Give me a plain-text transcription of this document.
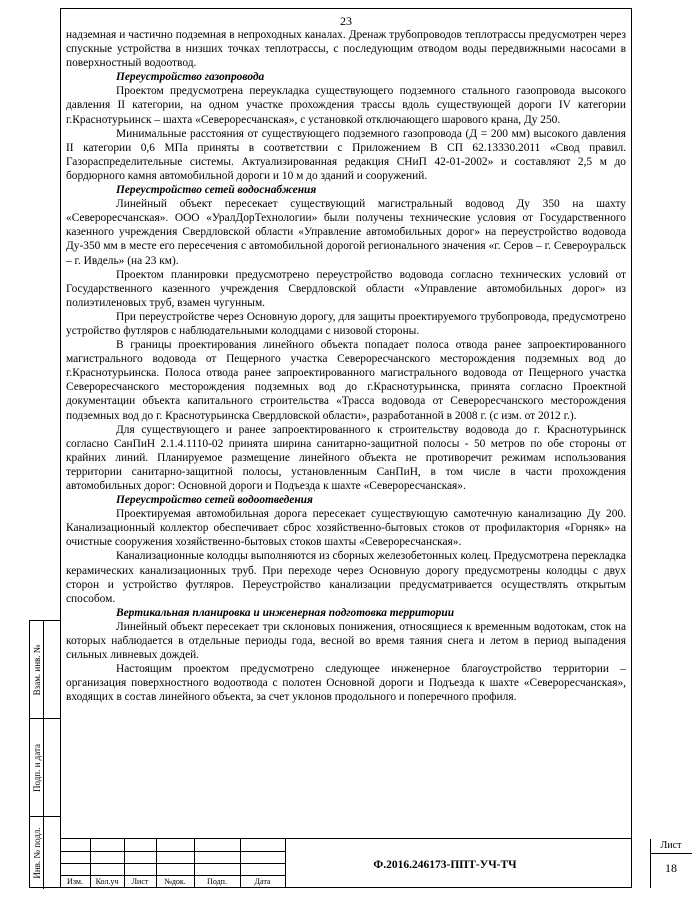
23

надземная и частично подземная в непроходных каналах. Дренаж трубопроводов теплотрассы предусмотрен через спускные устройства в низших точках теплотрассы, с последующим отводом воды передвижными насосами в поверхностный водоотвод.

Переустройство газопровода

Проектом предусмотрена переукладка существующего подземного стального газопровода высокого давления II категории, на одном участке прохождения трассы вдоль существующей дороги IV категории г.Краснотурьинск – шахта «Североpесчанская», с установкой отключающего шарового крана, Ду 250.

Минимальные расстояния от существующего подземного газопровода (Д = 200 мм) высокого давления II категории 0,6 МПа приняты в соответствии с Приложением В СП 62.13330.2011 «Свод правил. Газораспределительные системы. Актуализированная редакция СНиП 42-01-2002» и составляют 2,5 м до бордюрного камня автомобильной дороги и 10 м до зданий и сооружений.

Переустройство сетей водоснабжения

Линейный объект пересекает существующий магистральный водовод Ду 350 на шахту «Североpесчанская». ООО «УралДорТехнологии» были получены технические условия от Государственного казенного учреждения Свердловской области «Управление автомобильных дорог» на переустройство водовода Ду-350 мм в месте его пересечения с автомобильной дорогой регионального значения «г. Серов – г. Североуральск – г. Ивдель» (на 23 км).

Проектом планировки предусмотрено переустройство водовода согласно технических условий от Государственного казенного учреждения Свердловской области «Управление автомобильных дорог» из полиэтиленовых труб, взамен чугунным.

При переустройстве через Основную дорогу, для защиты проектируемого трубопровода, предусмотрено устройство футляров с наблюдательными колодцами с низовой стороны.

В границы проектирования линейного объекта попадает полоса отвода ранее запроектированного магистрального водовода от Пещерного участка Североpесчанского месторождения подземных вод до г.Краснотурьинска. Полоса отвода ранее запроектированного магистрального водовода от Пещерного участка Североpесчанского месторождения подземных вод до г.Краснотурьинска, принята согласно Проектной документации объекта капитального строительства «Трасса водовода от Североpесчанского месторождения подземных вод до г. Краснотурьинска Свердловской области», разработанной в 2008 г. (с изм. от 2012 г.).

Для существующего и ранее запроектированного к строительству водовода до г. Краснотурьинск согласно СанПиН 2.1.4.1110-02 принята ширина санитарно-защитной полосы - 50 метров по обе стороны от крайних линий. Планируемое размещение линейного объекта не противоречит режимам использования территории санитарно-защитной полосы, установленным СанПиН, в том числе в части прохождения автомобильных дорог: Основной дороги и Подъезда к шахте «Североpесчанская».

Переустройство сетей водоотведения

Проектируемая автомобильная дорога пересекает существующую самотечную канализацию Ду 200. Канализационный коллектор обеспечивает сброс хозяйственно-бытовых стоков от профилактория «Горняк» на очистные сооружения хозяйственно-бытовых стоков шахты «Североpесчанская».

Канализационные колодцы выполняются из сборных железобетонных колец. Предусмотрена перекладка керамических канализационных труб. При переходе через Основную дорогу предусмотрены колодцы с двух сторон и устройство футляров. Переустройство канализации предусматривается осуществлять открытым способом.

Вертикальная планировка и инженерная подготовка территории

Линейный объект пересекает три склоновых понижения, относящиеся к временным водотокам, сток на которых наблюдается в отдельные периоды года, весной во время таяния снега и летом в период выпадения сильных ливневых дождей.

Настоящим проектом предусмотрено следующее инженерное благоустройство территории – организация поверхностного водоотвода с полотен Основной дороги и Подъезда к шахте «Североpесчанская», входящих в состав линейного объекта, за счет уклонов продольного и поперечного профиля.

Взам. инв. №
Подп. и дата
Инв. № подл.
Изм.	Кол.уч	Лист	№док.	Подп.	Дата
Ф.2016.246173-ППТ-УЧ-ТЧ
Лист
18
